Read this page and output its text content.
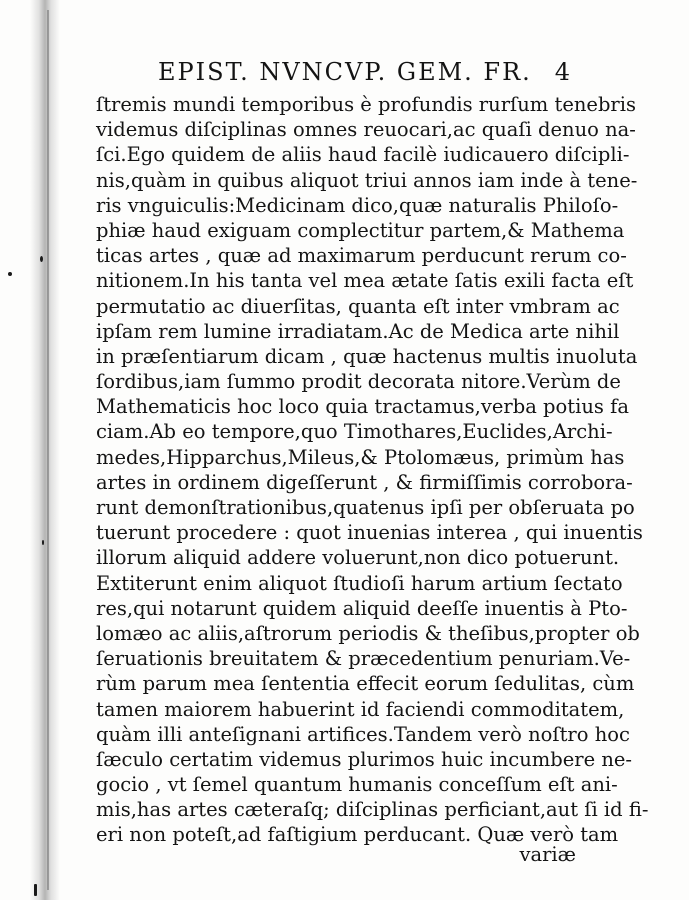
EPIST. NVNCVP. GEM. FR. 4
ſtremis mundi temporibus è profundis rurſum tenebris
videmus diſciplinas omnes reuocari,ac quaſi denuo na-
ſci.Ego quidem de aliis haud facilè iudicauero diſcipli-
nis,quàm in quibus aliquot triui annos iam inde à tene-
ris vnguiculis:Medicinam dico,quæ naturalis Philoſo-
phiæ haud exiguam complectitur partem,& Mathema
ticas artes , quæ ad maximarum perducunt rerum co-
nitionem.In his tanta vel mea ætate ſatis exili facta eſt
permutatio ac diuerſitas, quanta eſt inter vmbram ac
ipſam rem lumine irradiatam.Ac de Medica arte nihil
in præſentiarum dicam , quæ hactenus multis inuoluta
ſordibus,iam ſummo prodit decorata nitore.Verùm de
Mathematicis hoc loco quia tractamus,verba potius fa
ciam.Ab eo tempore,quo Timothares,Euclides,Archi-
medes,Hipparchus,Mileus,& Ptolomæus, primùm has
artes in ordinem digeſſerunt , & firmiſſimis corrobora-
runt demonſtrationibus,quatenus ipſi per obſeruata po
tuerunt procedere : quot inuenias interea , qui inuentis
illorum aliquid addere voluerunt,non dico potuerunt.
Extiterunt enim aliquot ſtudioſi harum artium ſectato
res,qui notarunt quidem aliquid deeſſe inuentis à Pto-
lomæo ac aliis,aſtrorum periodis & theſibus,propter ob
ſeruationis breuitatem & præcedentium penuriam.Ve-
rùm parum mea ſententia effecit eorum ſedulitas, cùm
tamen maiorem habuerint id faciendi commoditatem,
quàm illi anteſignani artifices.Tandem verò noſtro hoc
ſæculo certatim videmus plurimos huic incumbere ne-
gocio , vt ſemel quantum humanis conceſſum eſt ani-
mis,has artes cæteraſq; diſciplinas perficiant,aut ſi id fi-
eri non poteſt,ad faſtigium perducant. Quæ verò tam
variæ
